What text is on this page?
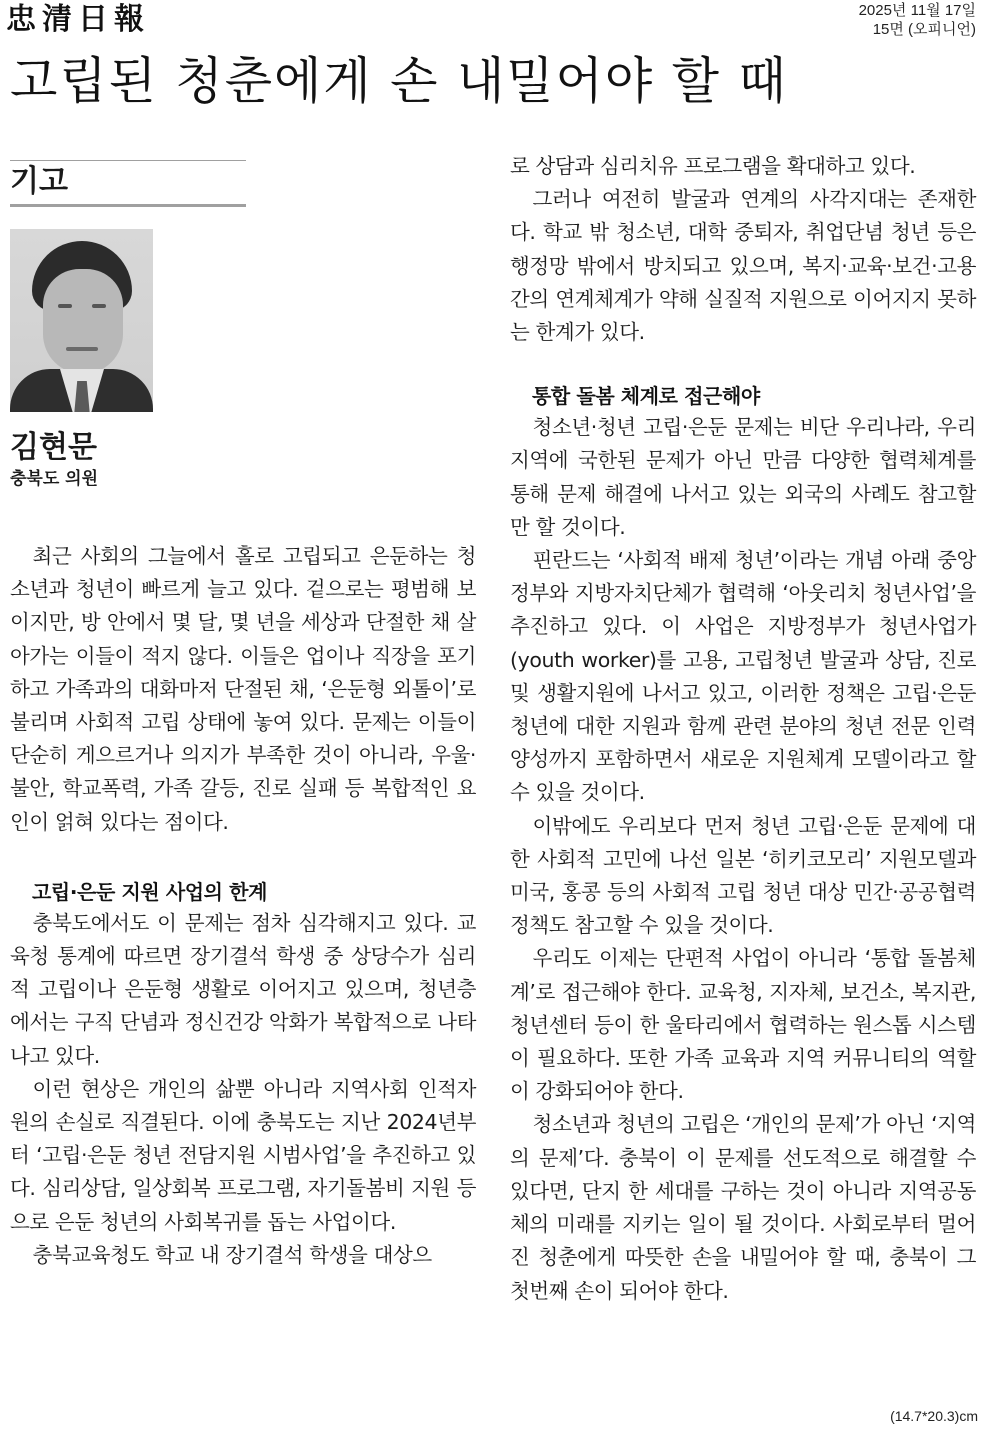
忠清日報	2025년 11월 17일
15면 (오피니언)
고립된 청춘에게 손 내밀어야 할 때
기고
김현문
충북도 의원

최근 사회의 그늘에서 홀로 고립되고 은둔하는 청소년과 청년이 빠르게 늘고 있다. 겉으로는 평범해 보이지만, 방 안에서 몇 달, 몇 년을 세상과 단절한 채 살아가는 이들이 적지 않다. 이들은 업이나 직장을 포기하고 가족과의 대화마저 단절된 채, ‘은둔형 외톨이’로 불리며 사회적 고립 상태에 놓여 있다. 문제는 이들이 단순히 게으르거나 의지가 부족한 것이 아니라, 우울·불안, 학교폭력, 가족 갈등, 진로 실패 등 복합적인 요인이 얽혀 있다는 점이다.

고립·은둔 지원 사업의 한계

충북도에서도 이 문제는 점차 심각해지고 있다. 교육청 통계에 따르면 장기결석 학생 중 상당수가 심리적 고립이나 은둔형 생활로 이어지고 있으며, 청년층에서는 구직 단념과 정신건강 악화가 복합적으로 나타나고 있다.

이런 현상은 개인의 삶뿐 아니라 지역사회 인적자원의 손실로 직결된다. 이에 충북도는 지난 2024년부터 ‘고립·은둔 청년 전담지원 시범사업’을 추진하고 있다. 심리상담, 일상회복 프로그램, 자기돌봄비 지원 등으로 은둔 청년의 사회복귀를 돕는 사업이다.

충북교육청도 학교 내 장기결석 학생을 대상으

로 상담과 심리치유 프로그램을 확대하고 있다.

그러나 여전히 발굴과 연계의 사각지대는 존재한다. 학교 밖 청소년, 대학 중퇴자, 취업단념 청년 등은 행정망 밖에서 방치되고 있으며, 복지·교육·보건·고용 간의 연계체계가 약해 실질적 지원으로 이어지지 못하는 한계가 있다.

통합 돌봄 체계로 접근해야

청소년·청년 고립·은둔 문제는 비단 우리나라, 우리 지역에 국한된 문제가 아닌 만큼 다양한 협력체계를 통해 문제 해결에 나서고 있는 외국의 사례도 참고할 만 할 것이다.

핀란드는 ‘사회적 배제 청년’이라는 개념 아래 중앙정부와 지방자치단체가 협력해 ‘아웃리치 청년사업’을 추진하고 있다. 이 사업은 지방정부가 청년사업가(youth worker)를 고용, 고립청년 발굴과 상담, 진로 및 생활지원에 나서고 있고, 이러한 정책은 고립·은둔 청년에 대한 지원과 함께 관련 분야의 청년 전문 인력양성까지 포함하면서 새로운 지원체계 모델이라고 할 수 있을 것이다.

이밖에도 우리보다 먼저 청년 고립·은둔 문제에 대한 사회적 고민에 나선 일본 ‘히키코모리’ 지원모델과 미국, 홍콩 등의 사회적 고립 청년 대상 민간·공공협력 정책도 참고할 수 있을 것이다.

우리도 이제는 단편적 사업이 아니라 ‘통합 돌봄체계’로 접근해야 한다. 교육청, 지자체, 보건소, 복지관, 청년센터 등이 한 울타리에서 협력하는 원스톱 시스템이 필요하다. 또한 가족 교육과 지역 커뮤니티의 역할이 강화되어야 한다.

청소년과 청년의 고립은 ‘개인의 문제’가 아닌 ‘지역의 문제’다. 충북이 이 문제를 선도적으로 해결할 수 있다면, 단지 한 세대를 구하는 것이 아니라 지역공동체의 미래를 지키는 일이 될 것이다. 사회로부터 멀어진 청춘에게 따뜻한 손을 내밀어야 할 때, 충북이 그 첫번째 손이 되어야 한다.

(14.7*20.3)cm
